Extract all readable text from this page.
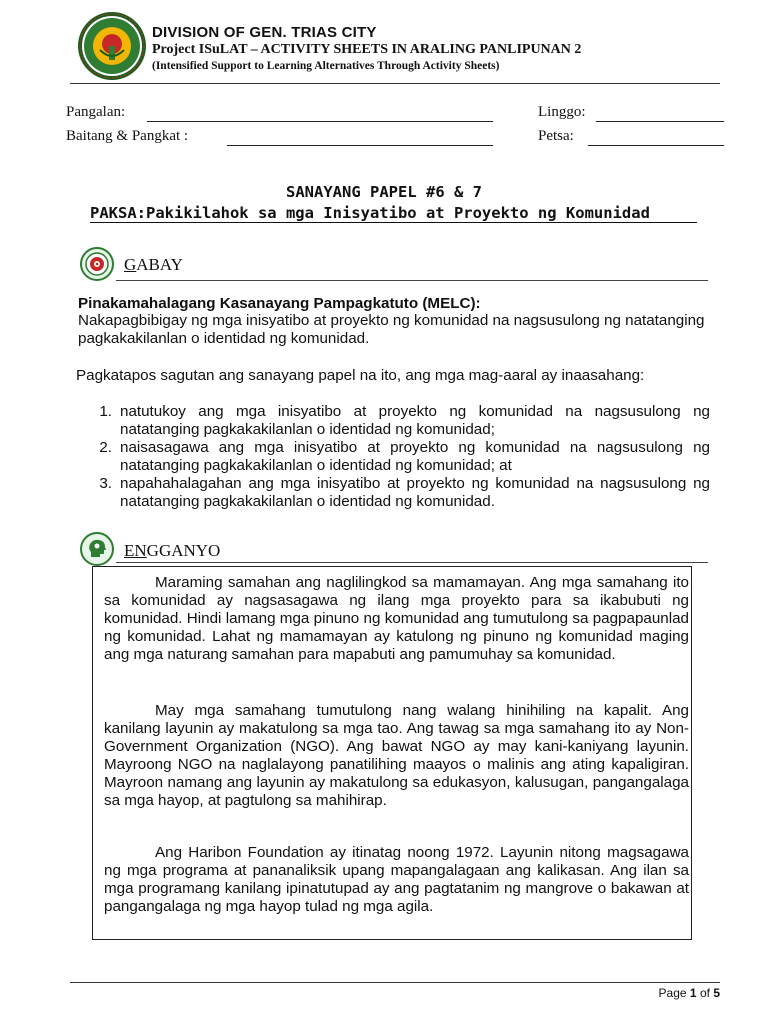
DIVISION OF GEN. TRIAS CITY
Project ISuLAT – ACTIVITY SHEETS IN ARALING PANLIPUNAN 2
(Intensified Support to Learning Alternatives Through Activity Sheets)
Pangalan:
Baitang & Pangkat :
Linggo:
Petsa:
SANAYANG PAPEL #6 & 7
PAKSA:Pakikilahok sa mga Inisyatibo at Proyekto ng Komunidad
GABAY
Pinakamahalagang Kasanayang Pampagkatuto (MELC):
Nakapagbibigay ng mga inisyatibo at proyekto ng komunidad na nagsusulong ng natatanging pagkakakilanlan o identidad ng komunidad.
Pagkatapos sagutan ang sanayang papel na ito, ang mga mag-aaral ay inaasahang:
1. natutukoy ang mga inisyatibo at proyekto ng komunidad na nagsusulong ng natatanging pagkakakilanlan o identidad ng komunidad;
2. naisasagawa ang mga inisyatibo at proyekto ng komunidad na nagsusulong ng natatanging pagkakakilanlan o identidad ng komunidad; at
3. napahahalagahan ang mga inisyatibo at proyekto ng komunidad na nagsusulong ng natatanging pagkakakilanlan o identidad ng komunidad.
ENGGANYO
Maraming samahan ang naglilingkod sa mamamayan. Ang mga samahang ito sa komunidad ay nagsasagawa ng ilang mga proyekto para sa ikabubuti ng komunidad. Hindi lamang mga pinuno ng komunidad ang tumutulong sa pagpapaunlad ng komunidad. Lahat ng mamamayan ay katulong ng pinuno ng komunidad maging ang mga naturang samahan para mapabuti ang pamumuhay sa komunidad.
May mga samahang tumutulong nang walang hinihiling na kapalit. Ang kanilang layunin ay makatulong sa mga tao. Ang tawag sa mga samahang ito ay Non-Government Organization (NGO). Ang bawat NGO ay may kani-kaniyang layunin. Mayroong NGO na naglalayong panatilihing maayos o malinis ang ating kapaligiran. Mayroon namang ang layunin ay makatulong sa edukasyon, kalusugan, pangangalaga sa mga hayop, at pagtulong sa mahihirap.
Ang Haribon Foundation ay itinatag noong 1972. Layunin nitong magsagawa ng mga programa at pananaliksik upang mapangalagaan ang kalikasan. Ang ilan sa mga programang kanilang ipinatutupad ay ang pagtatanim ng mangrove o bakawan at pangangalaga ng mga hayop tulad ng mga agila.
Page 1 of 5
